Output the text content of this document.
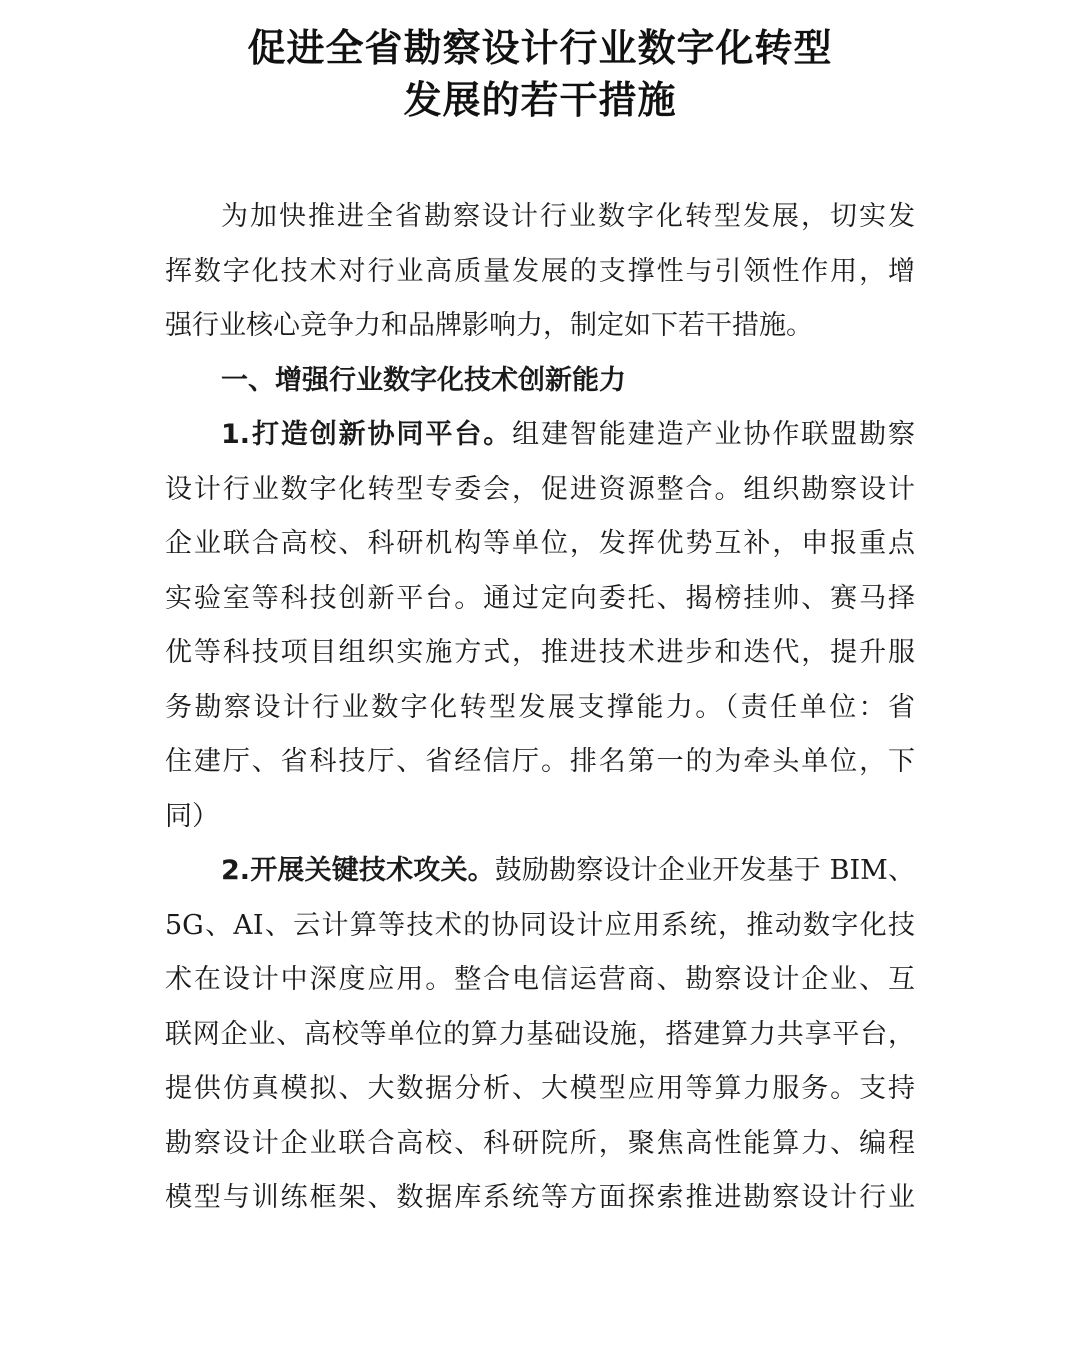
促进全省勘察设计行业数字化转型
发展的若干措施
为加快推进全省勘察设计行业数字化转型发展，切实发
挥数字化技术对行业高质量发展的支撑性与引领性作用，增
强行业核心竞争力和品牌影响力，制定如下若干措施。
一、增强行业数字化技术创新能力
1.打造创新协同平台。组建智能建造产业协作联盟勘察
设计行业数字化转型专委会，促进资源整合。组织勘察设计
企业联合高校、科研机构等单位，发挥优势互补，申报重点
实验室等科技创新平台。通过定向委托、揭榜挂帅、赛马择
优等科技项目组织实施方式，推进技术进步和迭代，提升服
务勘察设计行业数字化转型发展支撑能力。（责任单位：省
住建厅、省科技厅、省经信厅。排名第一的为牵头单位，下
同）
2.开展关键技术攻关。鼓励勘察设计企业开发基于 BIM、
5G、AI、云计算等技术的协同设计应用系统，推动数字化技
术在设计中深度应用。整合电信运营商、勘察设计企业、互
联网企业、高校等单位的算力基础设施，搭建算力共享平台，
提供仿真模拟、大数据分析、大模型应用等算力服务。支持
勘察设计企业联合高校、科研院所，聚焦高性能算力、编程
模型与训练框架、数据库系统等方面探索推进勘察设计行业
